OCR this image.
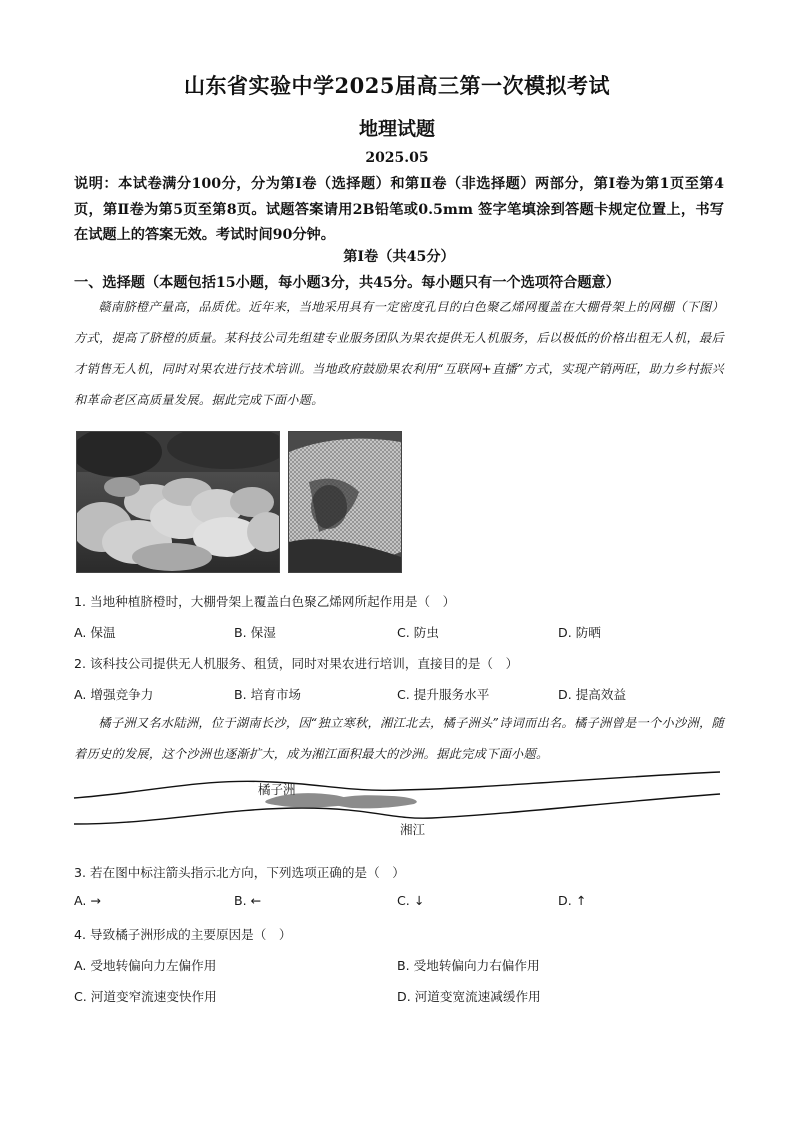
山东省实验中学2025届高三第一次模拟考试
地理试题
2025.05
说明：本试卷满分100分，分为第Ⅰ卷（选择题）和第Ⅱ卷（非选择题）两部分，第Ⅰ卷为第1页至第4页，第Ⅱ卷为第5页至第8页。试题答案请用2B铅笔或0.5mm 签字笔填涂到答题卡规定位置上，书写在试题上的答案无效。考试时间90分钟。
第Ⅰ卷（共45分）
一、选择题（本题包括15小题，每小题3分，共45分。每小题只有一个选项符合题意）
赣南脐橙产量高，品质优。近年来，当地采用具有一定密度孔目的白色聚乙烯网覆盖在大棚骨架上的网棚（下图）方式，提高了脐橙的质量。某科技公司先组建专业服务团队为果农提供无人机服务，后以极低的价格出租无人机，最后才销售无人机，同时对果农进行技术培训。当地政府鼓励果农利用“互联网+直播”方式，实现产销两旺，助力乡村振兴和革命老区高质量发展。据此完成下面小题。
1. 当地种植脐橙时，大棚骨架上覆盖白色聚乙烯网所起作用是（　）
A. 保温	B. 保湿	C. 防虫	D. 防晒
2. 该科技公司提供无人机服务、租赁，同时对果农进行培训，直接目的是（　）
A. 增强竞争力	B. 培育市场	C. 提升服务水平	D. 提高效益
橘子洲又名水陆洲，位于湖南长沙，因“独立寒秋，湘江北去，橘子洲头”诗词而出名。橘子洲曾是一个小沙洲，随着历史的发展，这个沙洲也逐渐扩大，成为湘江面积最大的沙洲。据此完成下面小题。
橘子洲
湘江
3. 若在图中标注箭头指示北方向，下列选项正确的是（　）
A. →	B. ←	C. ↓	D. ↑
4. 导致橘子洲形成的主要原因是（　）
A. 受地转偏向力左偏作用	B. 受地转偏向力右偏作用
C. 河道变窄流速变快作用	D. 河道变宽流速减缓作用
